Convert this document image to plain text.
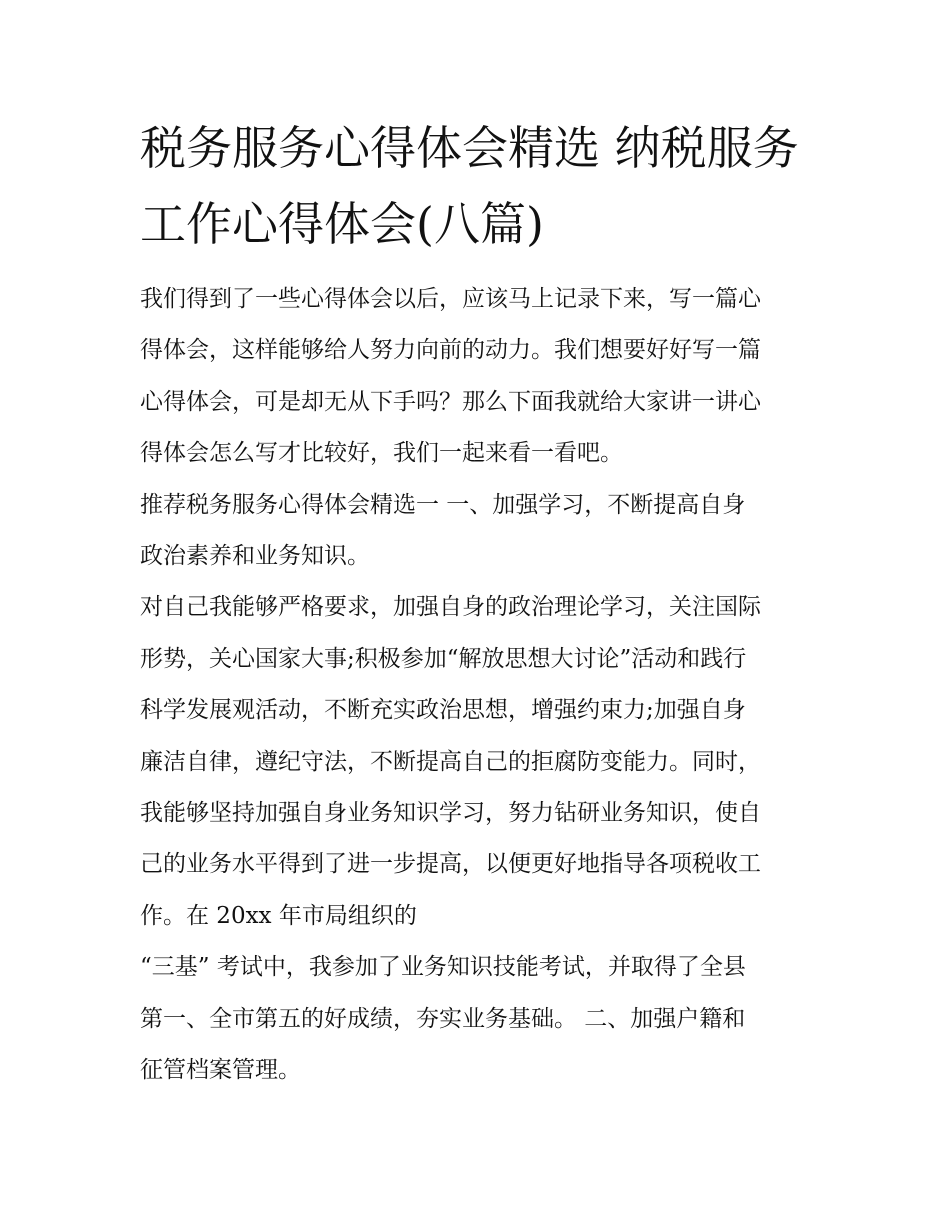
税务服务心得体会精选 纳税服务工作心得体会(八篇)

我们得到了一些心得体会以后，应该马上记录下来，写一篇心
得体会，这样能够给人努力向前的动力。我们想要好好写一篇
心得体会，可是却无从下手吗？那么下面我就给大家讲一讲心
得体会怎么写才比较好，我们一起来看一看吧。

推荐税务服务心得体会精选一 一、加强学习，不断提高自身
政治素养和业务知识。

对自己我能够严格要求，加强自身的政治理论学习，关注国际
形势，关心国家大事;积极参加“解放思想大讨论”活动和践行
科学发展观活动，不断充实政治思想，增强约束力;加强自身
廉洁自律，遵纪守法，不断提高自己的拒腐防变能力。同时，
我能够坚持加强自身业务知识学习，努力钻研业务知识，使自
己的业务水平得到了进一步提高，以便更好地指导各项税收工
作。在 20xx 年市局组织的

“三基” 考试中，我参加了业务知识技能考试，并取得了全县
第一、全市第五的好成绩，夯实业务基础。 二、加强户籍和
征管档案管理。
